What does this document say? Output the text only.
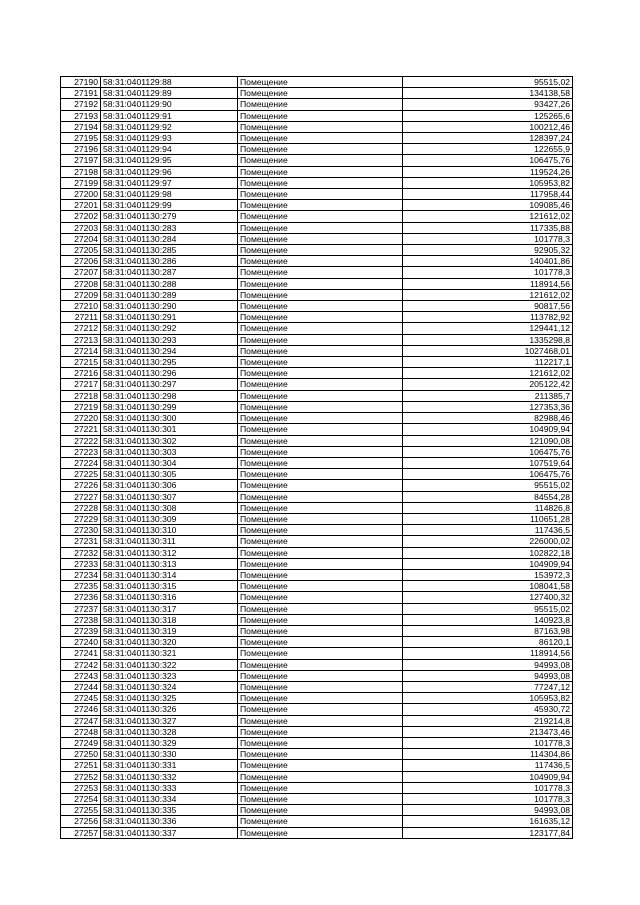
27190	58:31:0401129:88	Помещение	95515,02
27191	58:31:0401129:89	Помещение	134138,58
27192	58:31:0401129:90	Помещение	93427,26
27193	58:31:0401129:91	Помещение	125265,6
27194	58:31:0401129:92	Помещение	100212,46
27195	58:31:0401129:93	Помещение	128397,24
27196	58:31:0401129:94	Помещение	122655,9
27197	58:31:0401129:95	Помещение	106475,76
27198	58:31:0401129:96	Помещение	119524,26
27199	58:31:0401129:97	Помещение	105953,82
27200	58:31:0401129:98	Помещение	117958,44
27201	58:31:0401129:99	Помещение	109085,46
27202	58:31:0401130:279	Помещение	121612,02
27203	58:31:0401130:283	Помещение	117335,88
27204	58:31:0401130:284	Помещение	101778,3
27205	58:31:0401130:285	Помещение	92905,32
27206	58:31:0401130:286	Помещение	140401,86
27207	58:31:0401130:287	Помещение	101778,3
27208	58:31:0401130:288	Помещение	118914,56
27209	58:31:0401130:289	Помещение	121612,02
27210	58:31:0401130:290	Помещение	90817,56
27211	58:31:0401130:291	Помещение	113782,92
27212	58:31:0401130:292	Помещение	129441,12
27213	58:31:0401130:293	Помещение	1335298,8
27214	58:31:0401130:294	Помещение	1027468,01
27215	58:31:0401130:295	Помещение	112217,1
27216	58:31:0401130:296	Помещение	121612,02
27217	58:31:0401130:297	Помещение	205122,42
27218	58:31:0401130:298	Помещение	211385,7
27219	58:31:0401130:299	Помещение	127353,36
27220	58:31:0401130:300	Помещение	82988,46
27221	58:31:0401130:301	Помещение	104909,94
27222	58:31:0401130:302	Помещение	121090,08
27223	58:31:0401130:303	Помещение	106475,76
27224	58:31:0401130:304	Помещение	107519,64
27225	58:31:0401130:305	Помещение	106475,76
27226	58:31:0401130:306	Помещение	95515,02
27227	58:31:0401130:307	Помещение	84554,28
27228	58:31:0401130:308	Помещение	114826,8
27229	58:31:0401130:309	Помещение	110651,28
27230	58:31:0401130:310	Помещение	117436,5
27231	58:31:0401130:311	Помещение	226000,02
27232	58:31:0401130:312	Помещение	102822,18
27233	58:31:0401130:313	Помещение	104909,94
27234	58:31:0401130:314	Помещение	153972,3
27235	58:31:0401130:315	Помещение	108041,58
27236	58:31:0401130:316	Помещение	127400,32
27237	58:31:0401130:317	Помещение	95515,02
27238	58:31:0401130:318	Помещение	140923,8
27239	58:31:0401130:319	Помещение	87163,98
27240	58:31:0401130:320	Помещение	86120,1
27241	58:31:0401130:321	Помещение	118914,56
27242	58:31:0401130:322	Помещение	94993,08
27243	58:31:0401130:323	Помещение	94993,08
27244	58:31:0401130:324	Помещение	77247,12
27245	58:31:0401130:325	Помещение	105953,82
27246	58:31:0401130:326	Помещение	45930,72
27247	58:31:0401130:327	Помещение	219214,8
27248	58:31:0401130:328	Помещение	213473,46
27249	58:31:0401130:329	Помещение	101778,3
27250	58:31:0401130:330	Помещение	114304,86
27251	58:31:0401130:331	Помещение	117436,5
27252	58:31:0401130:332	Помещение	104909,94
27253	58:31:0401130:333	Помещение	101778,3
27254	58:31:0401130:334	Помещение	101778,3
27255	58:31:0401130:335	Помещение	94993,08
27256	58:31:0401130:336	Помещение	161635,12
27257	58:31:0401130:337	Помещение	123177,84
